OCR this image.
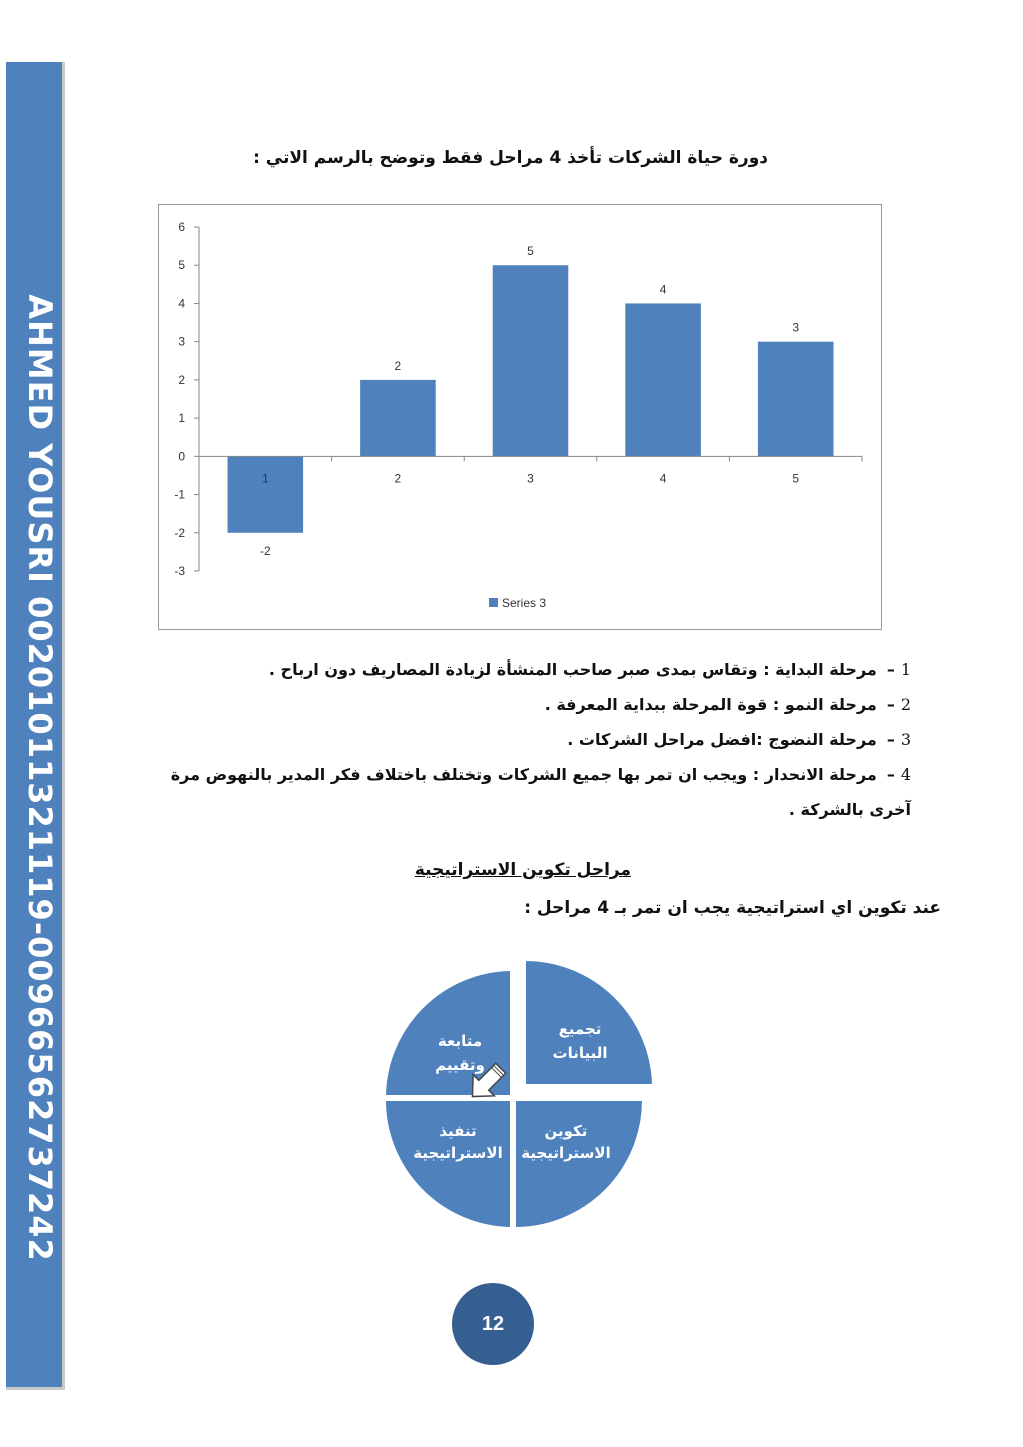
AHMED YOUSRI 00201011321119-00966562737242
دورة حياة الشركات تأخذ 4 مراحل فقط وتوضح بالرسم الاتي :
-3
-2
-1
0
1
2
3
4
5
6
-2
1
2
2
5
3
4
4
3
5
Series 3
1–مرحلة البداية : وتقاس بمدى صبر صاحب المنشأة لزيادة المصاريف دون ارباح .
2–مرحلة النمو : قوة المرحلة ببداية المعرفة .
3–مرحلة النضوج :افضل مراحل الشركات .
4–مرحلة الانحدار : ويجب ان تمر بها جميع الشركات وتختلف باختلاف فكر المدير بالنهوض مرة
آخرى بالشركة .
مراحل تكوين الاستراتيجية
عند تكوين اي استراتيجية يجب ان تمر بـ 4 مراحل :
تجميع
البيانات
تكوين
الاستراتيجية
تنفيذ
الاستراتيجية
متابعة
وتقييم
12
